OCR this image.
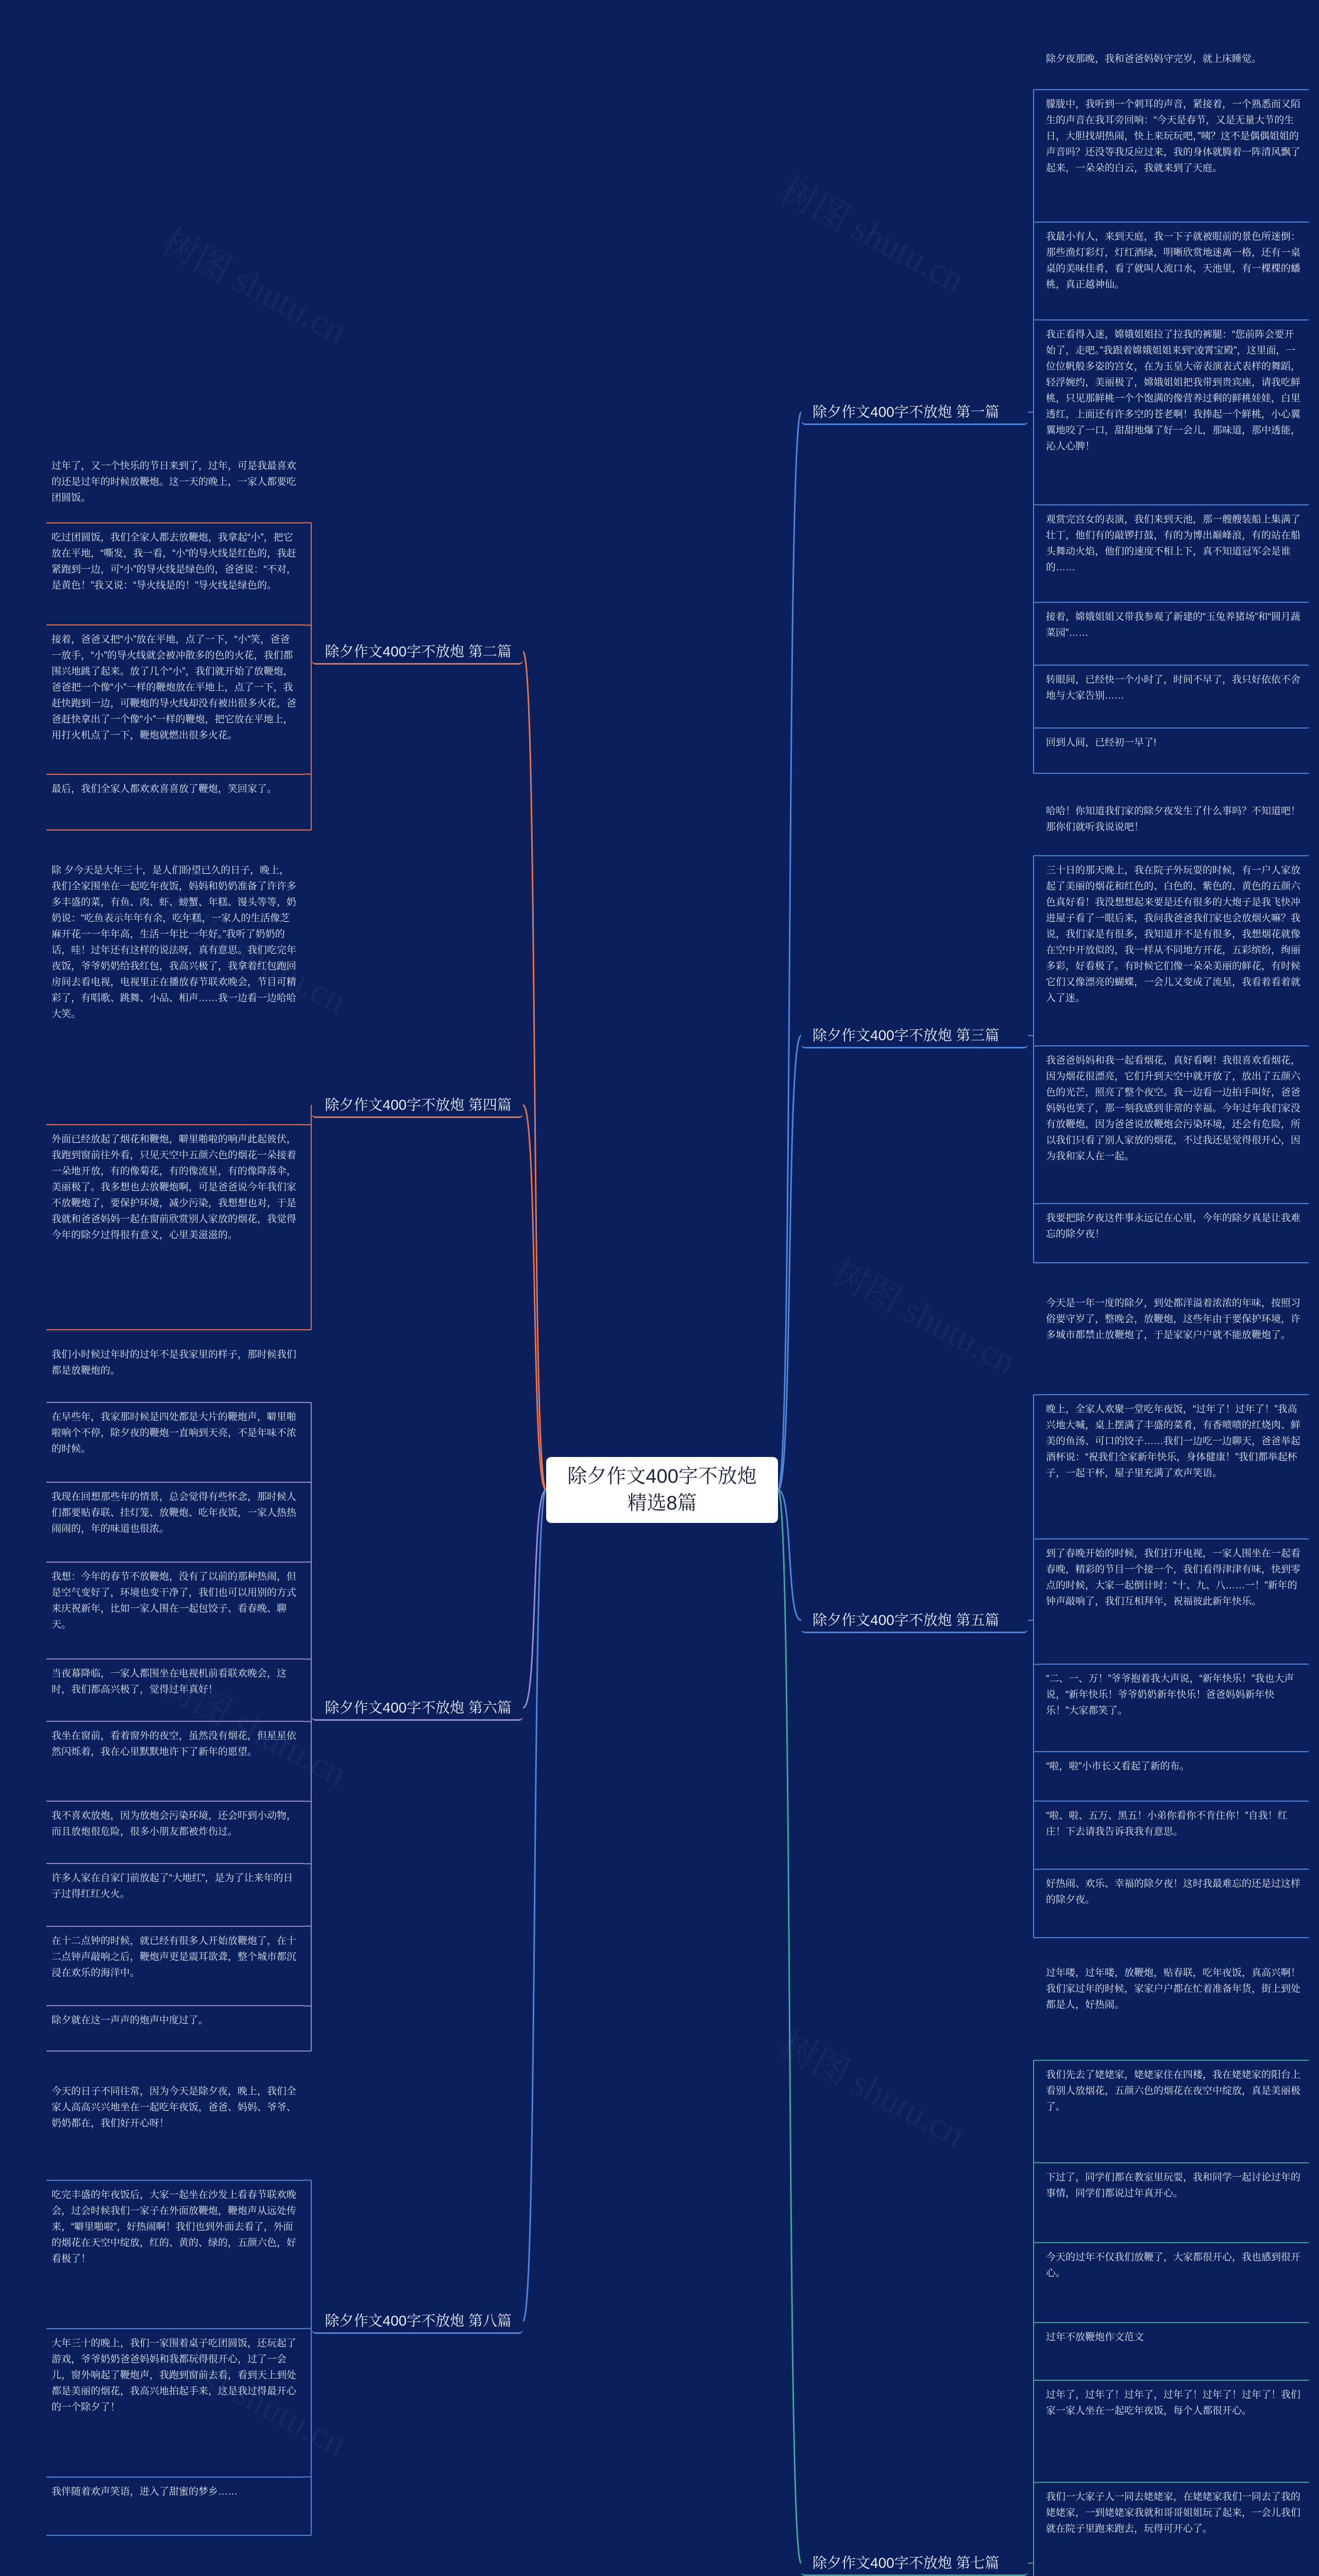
除夕作文400字不放炮精选8篇
除夕作文400字不放炮 第一篇
除夕夜那晚，我和爸爸妈妈守完岁，就上床睡觉。
朦胧中，我听到一个刺耳的声音，紧接着，一个熟悉而又陌生的声音在我耳旁回响：“今天是春节，又是无量大节的生日，大胆找胡热闹，快上来玩玩吧，”咦？这不是偶偶姐姐的声音吗？还没等我反应过来，我的身体就腾着一阵清风飘了起来，一朵朵的白云，我就来到了天庭。
我最小有人，来到天庭，我一下子就被眼前的景色所迷倒：那些渔灯彩灯，灯红酒绿，明晰欣赏地迷离一格，还有一桌桌的美味佳肴，看了就叫人流口水，天池里，有一棵棵的蟠桃，真正越神仙。
我正看得入迷，嫦娥姐姐拉了拉我的裤腿：“您前阵会要开始了，走吧。”我跟着嫦娥姐姐来到“凌霄宝殿”，这里面，一位位帆般多姿的宫女，在为玉皇大帝表演表式表样的舞蹈，轻浮婉约，美丽极了，嫦娥姐姐把我带到贵宾座，请我吃鲜桃，只见那鲜桃一个个饱满的像营养过剩的鲜桃娃娃，白里透红，上面还有许多空的苍老啊！我捧起一个鲜桃，小心翼翼地咬了一口，甜甜地爆了好一会儿，那味道，那中透能，沁人心脾！
观赏完宫女的表演，我们来到天池，那一艘艘装船上集满了壮丁，他们有的敲锣打鼓，有的为博出巅峰浪，有的站在船头舞动火焰，他们的速度不相上下，真不知道冠军会是谁的……
接着，嫦娥姐姐又带我参观了新建的“玉兔养猪场”和“圆月蔬菜园”……
转眼间，已经快一个小时了，时间不早了，我只好依依不舍地与大家告别……
回到人间，已经初一早了!
除夕作文400字不放炮 第二篇
过年了，又一个快乐的节日来到了，过年，可是我最喜欢的还是过年的时候放鞭炮。这一天的晚上，一家人都要吃团圆饭。
吃过团圆饭，我们全家人都去放鞭炮，我拿起“小”，把它放在平地，“嘶发，我一看，“小”的导火线是红色的，我赶紧跑到一边，可“小”的导火线是绿色的，爸爸说：“不对，是黄色！”我又说：“导火线是的！”导火线是绿色的。
接着，爸爸又把“小”放在平地，点了一下，“小”笑，爸爸一放手，“小”的导火线就会被冲散多的色的火花，我们都围兴地跳了起来。放了几个“小”，我们就开始了放鞭炮，爸爸把一个像“小”一样的鞭炮放在平地上，点了一下，我赶快跑到一边，可鞭炮的导火线却没有被出很多火花，爸爸赶快拿出了一个像“小”一样的鞭炮，把它放在平地上，用打火机点了一下，鞭炮就燃出很多火花。
最后，我们全家人都欢欢喜喜放了鞭炮，笑回家了。
除夕作文400字不放炮 第三篇
哈哈！你知道我们家的除夕夜发生了什么事吗？不知道吧！那你们就听我说说吧！
三十日的那天晚上，我在院子外玩耍的时候，有一户人家放起了美丽的烟花和红色的、白色的、紫色的、黄色的五颜六色真好看！我没想想起来要是还有很多的大炮子是我飞快冲进屋子看了一眼后来，我问我爸爸我们家也会放烟火嘛？我说，我们家是有很多，我知道并不是有很多，我想烟花就像在空中开放似的，我一样从不同地方开花，五彩缤纷，绚丽多彩，好看极了。有时候它们像一朵朵美丽的鲜花，有时候它们又像漂亮的蝴蝶，一会儿又变成了流星，我看着看着就入了迷。
我爸爸妈妈和我一起看烟花，真好看啊！我很喜欢看烟花，因为烟花很漂亮，它们升到天空中就开放了，放出了五颜六色的光芒，照亮了整个夜空。我一边看一边拍手叫好，爸爸妈妈也笑了，那一刻我感到非常的幸福。今年过年我们家没有放鞭炮，因为爸爸说放鞭炮会污染环境，还会有危险，所以我们只看了别人家放的烟花，不过我还是觉得很开心，因为我和家人在一起。
我要把除夕夜这件事永远记在心里，今年的除夕真是让我难忘的除夕夜！
除夕作文400字不放炮 第四篇
除 夕今天是大年三十，是人们盼望已久的日子，晚上，我们全家围坐在一起吃年夜饭，妈妈和奶奶准备了许许多多丰盛的菜，有鱼、肉、虾、螃蟹、年糕、馒头等等，奶奶说：“吃鱼表示年年有余，吃年糕，一家人的生活像芝麻开花一一年年高，生活一年比一年好。”我听了奶奶的话，哇！过年还有这样的说法呀，真有意思。我们吃完年夜饭，爷爷奶奶给我红包，我高兴极了，我拿着红包跑回房间去看电视，电视里正在播放春节联欢晚会，节目可精彩了，有唱歌、跳舞、小品、相声……我一边看一边哈哈大笑。
外面已经放起了烟花和鞭炮，噼里啪啦的响声此起彼伏，我跑到窗前往外看，只见天空中五颜六色的烟花一朵接着一朵地开放，有的像菊花，有的像流星，有的像降落伞，美丽极了。我多想也去放鞭炮啊，可是爸爸说今年我们家不放鞭炮了，要保护环境，减少污染，我想想也对，于是我就和爸爸妈妈一起在窗前欣赏别人家放的烟花，我觉得今年的除夕过得很有意义，心里美滋滋的。
除夕作文400字不放炮 第五篇
今天是一年一度的除夕，到处都洋溢着浓浓的年味，按照习俗要守岁了，整晚会，放鞭炮，这些年由于要保护环境，许多城市都禁止放鞭炮了，于是家家户户就不能放鞭炮了。
晚上，全家人欢聚一堂吃年夜饭，“过年了！过年了！”我高兴地大喊，桌上摆满了丰盛的菜肴，有香喷喷的红烧肉、鲜美的鱼汤、可口的饺子……我们一边吃一边聊天，爸爸举起酒杯说：“祝我们全家新年快乐，身体健康！”我们都举起杯子，一起干杯，屋子里充满了欢声笑语。
到了春晚开始的时候，我们打开电视，一家人围坐在一起看春晚，精彩的节目一个接一个，我们看得津津有味，快到零点的时候，大家一起倒计时：“十、九、八……一！”新年的钟声敲响了，我们互相拜年，祝福彼此新年快乐。
“二、一、万！”爷爷抱着我大声说，“新年快乐！”我也大声说，“新年快乐！爷爷奶奶新年快乐！爸爸妈妈新年快乐！”大家都笑了。
“啦，啦”小市长又看起了新的布。
“啦、啦、五万、黑五！小弟你看你不肯住你！”自我！红庄！下去请我告诉我我有意思。
好热闹、欢乐、幸福的除夕夜！这时我最难忘的还是过这样的除夕夜。
除夕作文400字不放炮 第六篇
我们小时候过年时的过年不是我家里的样子，那时候我们都是放鞭炮的。
在早些年，我家那时候是四处都是大片的鞭炮声，噼里啪啦响个不停，除夕夜的鞭炮一直响到天亮，不是年味不浓的时候。
我现在回想那些年的情景，总会觉得有些怀念，那时候人们都要贴春联、挂灯笼、放鞭炮、吃年夜饭，一家人热热闹闹的，年的味道也很浓。
我想：今年的春节不放鞭炮，没有了以前的那种热闹，但是空气变好了，环境也变干净了，我们也可以用别的方式来庆祝新年，比如一家人围在一起包饺子、看春晚、聊天。
当夜幕降临，一家人都围坐在电视机前看联欢晚会，这时，我们都高兴极了，觉得过年真好！
我坐在窗前，看着窗外的夜空，虽然没有烟花，但星星依然闪烁着，我在心里默默地许下了新年的愿望。
我不喜欢放炮，因为放炮会污染环境，还会吓到小动物，而且放炮很危险，很多小朋友都被炸伤过。
许多人家在自家门前放起了“大地红”，是为了让来年的日子过得红红火火。
在十二点钟的时候，就已经有很多人开始放鞭炮了，在十二点钟声敲响之后，鞭炮声更是震耳欲聋，整个城市都沉浸在欢乐的海洋中。
除夕就在这一声声的炮声中度过了。
除夕作文400字不放炮 第七篇
过年喽，过年喽，放鞭炮，贴春联，吃年夜饭，真高兴啊！我们家过年的时候，家家户户都在忙着准备年货，街上到处都是人，好热闹。
我们先去了姥姥家，姥姥家住在四楼，我在姥姥家的阳台上看别人放烟花，五颜六色的烟花在夜空中绽放，真是美丽极了。
下过了，同学们都在教室里玩耍，我和同学一起讨论过年的事情，同学们都说过年真开心。
今天的过年不仅我们放鞭了，大家都很开心，我也感到很开心。
过年不放鞭炮作文范文
过年了，过年了！过年了，过年了！过年了！过年了！我们家一家人坐在一起吃年夜饭，每个人都很开心。
我们一大家子人一同去姥姥家，在姥姥家我们一同去了我的姥姥家，一到姥姥家我就和哥哥姐姐玩了起来，一会儿我们就在院子里跑来跑去，玩得可开心了。
除夕作文400字不放炮 第八篇
今天的日子不同往常，因为今天是除夕夜，晚上，我们全家人高高兴兴地坐在一起吃年夜饭，爸爸、妈妈、爷爷、奶奶都在，我们好开心呀！
吃完丰盛的年夜饭后，大家一起坐在沙发上看春节联欢晚会，过会时候我们一家子在外面放鞭炮，鞭炮声从远处传来，“噼里啪啦”，好热闹啊！我们也到外面去看了，外面的烟花在天空中绽放，红的、黄的、绿的，五颜六色，好看极了！
大年三十的晚上，我们一家围着桌子吃团圆饭，还玩起了游戏，爷爷奶奶爸爸妈妈和我都玩得很开心，过了一会儿，窗外响起了鞭炮声，我跑到窗前去看，看到天上到处都是美丽的烟花，我高兴地拍起手来，这是我过得最开心的一个除夕了！
我伴随着欢声笑语，进入了甜蜜的梦乡……
